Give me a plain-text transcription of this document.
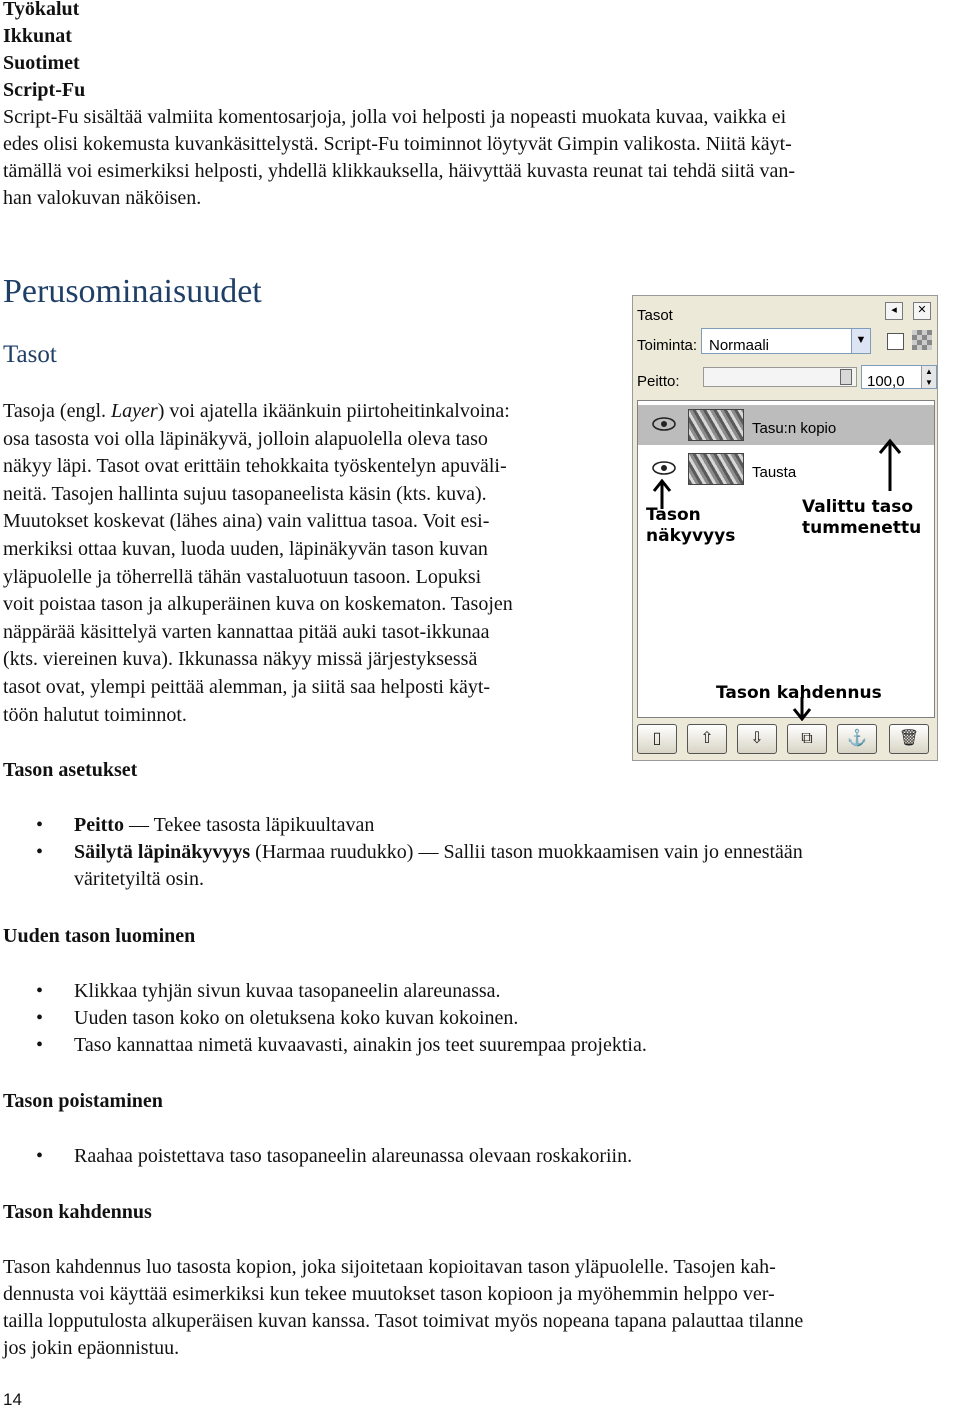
Työkalut
Ikkunat
Suotimet
Script-Fu

Script-Fu sisältää valmiita komentosarjoja, jolla voi helposti ja nopeasti muokata kuvaa, vaikka ei
edes olisi kokemusta kuvankäsittelystä. Script-Fu toiminnot löytyvät Gimpin valikosta. Niitä käyt-
tämällä voi esimerkiksi helposti, yhdellä klikkauksella, häivyttää kuvasta reunat tai tehdä siitä van-
han valokuvan näköisen.

Perusominaisuudet
Tasot

Tasoja (engl. Layer) voi ajatella ikäänkuin piirtoheitinkalvoina:
osa tasosta voi olla läpinäkyvä, jolloin alapuolella oleva taso
näkyy läpi. Tasot ovat erittäin tehokkaita työskentelyn apuväli-
neitä. Tasojen hallinta sujuu tasopaneelista käsin (kts. kuva).
Muutokset koskevat (lähes aina) vain valittua tasoa. Voit esi-
merkiksi ottaa kuvan, luoda uuden, läpinäkyvän tason kuvan
yläpuolelle ja töherrellä tähän vastaluotuun tasoon. Lopuksi
voit poistaa tason ja alkuperäinen kuva on koskematon. Tasojen
näppärää käsittelyä varten kannattaa pitää auki tasot-ikkunaa
(kts. viereinen kuva). Ikkunassa näkyy missä järjestyksessä
tasot ovat, ylempi peittää alemman, ja siitä saa helposti käyt-
töön halutut toiminnot.

Tasot	◂	✕
Toiminta: Normaali	▼
Peitto:	100,0
▲
▼
Tasu:n kopio
Tausta
Tason
näkyvyys
Valittu taso
tummenettu
Tason kahdennus
▯	⇧	⇩	⧉	⚓	🗑
Tason asetukset
• Peitto — Tekee tasosta läpikuultavan
• Säilytä läpinäkyvyys (Harmaa ruudukko) — Sallii tason muokkaamisen vain jo ennestään
väritetyiltä osin.
Uuden tason luominen
• Klikkaa tyhjän sivun kuvaa tasopaneelin alareunassa.
• Uuden tason koko on oletuksena koko kuvan kokoinen.
• Taso kannattaa nimetä kuvaavasti, ainakin jos teet suurempaa projektia.
Tason poistaminen
• Raahaa poistettava taso tasopaneelin alareunassa olevaan roskakoriin.
Tason kahdennus

Tason kahdennus luo tasosta kopion, joka sijoitetaan kopioitavan tason yläpuolelle. Tasojen kah-
dennusta voi käyttää esimerkiksi kun tekee muutokset tason kopioon ja myöhemmin helppo ver-
tailla lopputulosta alkuperäisen kuvan kanssa. Tasot toimivat myös nopeana tapana palauttaa tilanne
jos jokin epäonnistuu.

14
